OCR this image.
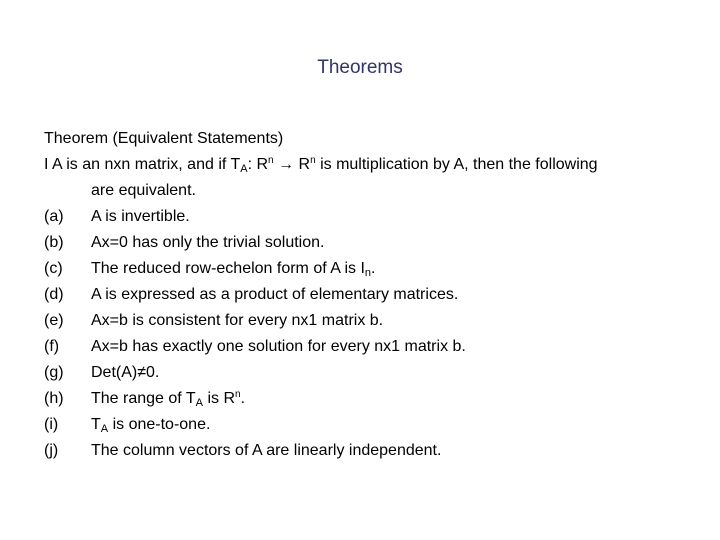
Theorems
Theorem (Equivalent Statements)
I A is an nxn matrix, and if $T_A$: $R^n \to R^n$ is multiplication by A, then the following
are equivalent.
(a) A is invertible.
(b) Ax=0 has only the trivial solution.
(c) The reduced row-echelon form of A is $I_n$.
(d) A is expressed as a product of elementary matrices.
(e) Ax=b is consistent for every nx1 matrix b.
(f) Ax=b has exactly one solution for every nx1 matrix b.
(g) Det(A)≠0.
(h) The range of $T_A$ is $R^n$.
(i) $T_A$ is one-to-one.
(j) The column vectors of A are linearly independent.
